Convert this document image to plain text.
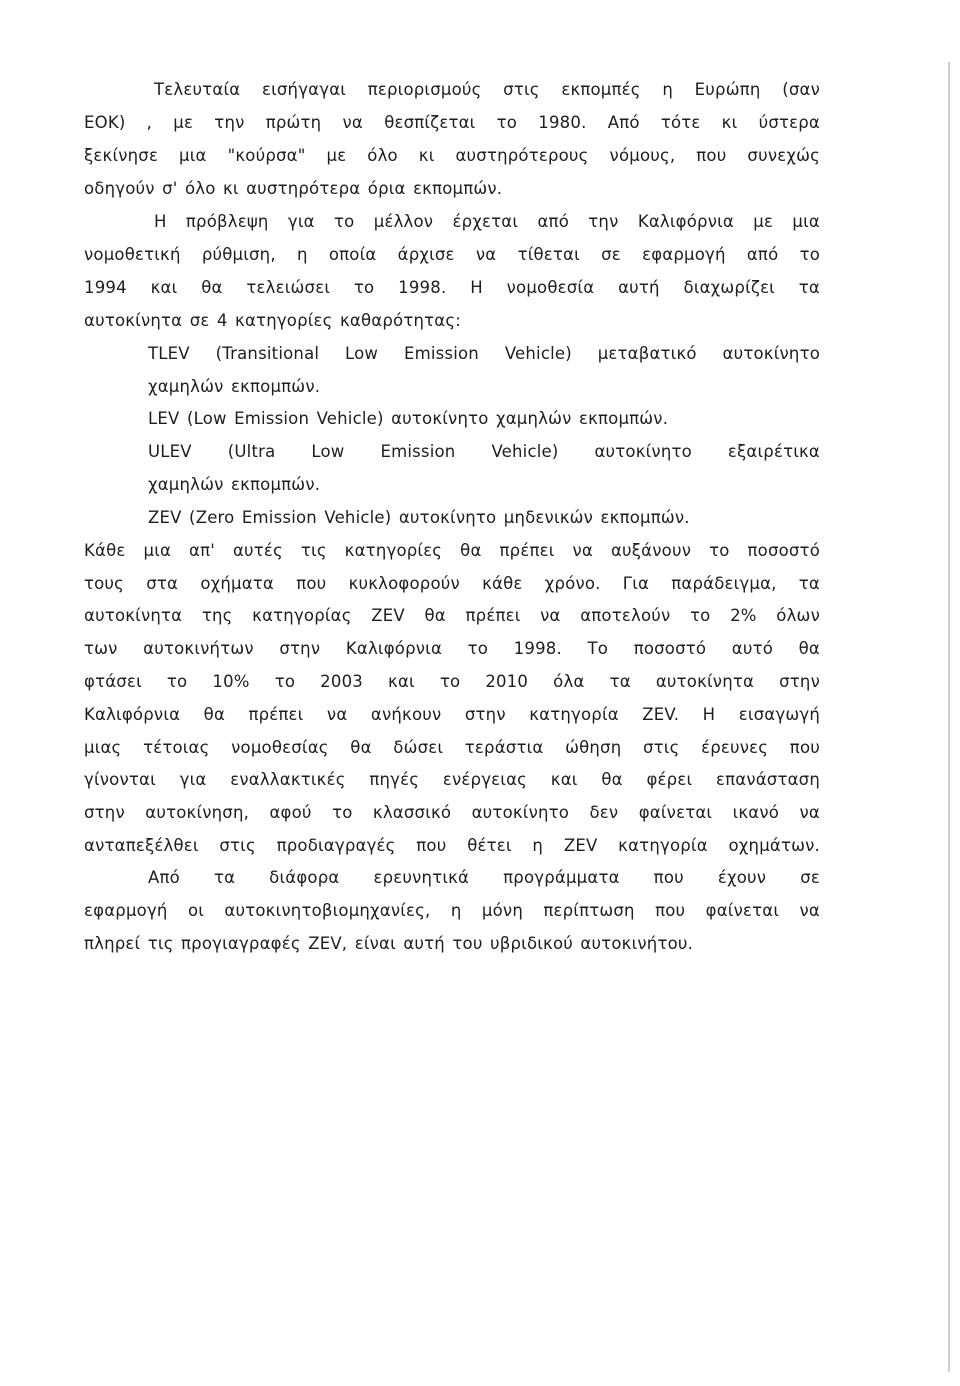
Τελευταία εισήγαγαι περιορισμούς στις εκπομπές η Ευρώπη (σαν
ΕΟΚ) , με την πρώτη να θεσπίζεται το 1980. Από τότε κι ύστερα
ξεκίνησε μια "κούρσα" με όλο κι αυστηρότερους νόμους, που συνεχώς
οδηγούν σ' όλο κι αυστηρότερα όρια εκπομπών.
Η πρόβλεψη για το μέλλον έρχεται από την Καλιφόρνια με μια
νομοθετική ρύθμιση, η οποία άρχισε να τίθεται σε εφαρμογή από το
1994 και θα τελειώσει το 1998. Η νομοθεσία αυτή διαχωρίζει τα
αυτοκίνητα σε 4 κατηγορίες καθαρότητας:
TLEV (Transitional Low Emission Vehicle) μεταβατικό αυτοκίνητο
χαμηλών εκπομπών.
LEV (Low Emission Vehicle) αυτοκίνητο χαμηλών εκπομπών.
ULEV (Ultra Low Emission Vehicle) αυτοκίνητο εξαιρέτικα
χαμηλών εκπομπών.
ZEV (Zero Emission Vehicle) αυτοκίνητο μηδενικών εκπομπών.
Κάθε μια απ' αυτές τις κατηγορίες θα πρέπει να αυξάνουν το ποσοστό
τους στα οχήματα που κυκλοφορούν κάθε χρόνο. Για παράδειγμα, τα
αυτοκίνητα της κατηγορίας ZEV θα πρέπει να αποτελούν το 2% όλων
των αυτοκινήτων στην Καλιφόρνια το 1998. Το ποσοστό αυτό θα
φτάσει το 10% το 2003 και το 2010 όλα τα αυτοκίνητα στην
Καλιφόρνια θα πρέπει να ανήκουν στην κατηγορία ZEV. Η εισαγωγή
μιας τέτοιας νομοθεσίας θα δώσει τεράστια ώθηση στις έρευνες που
γίνονται για εναλλακτικές πηγές ενέργειας και θα φέρει επανάσταση
στην αυτοκίνηση, αφού το κλασσικό αυτοκίνητο δεν φαίνεται ικανό να
ανταπεξέλθει στις προδιαγραγές που θέτει η ZEV κατηγορία οχημάτων.
Από τα διάφορα ερευνητικά προγράμματα που έχουν σε
εφαρμογή οι αυτοκινητοβιομηχανίες, η μόνη περίπτωση που φαίνεται να
πληρεί τις προγιαγραφές ZEV, είναι αυτή του υβριδικού αυτοκινήτου.
